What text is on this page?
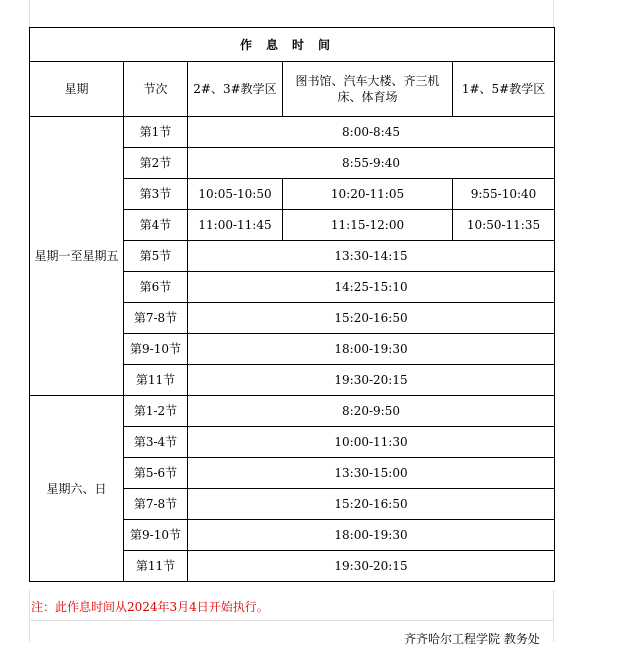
作息时间				
星期	节次	2#、3#教学区	图书馆、汽车大楼、齐三机床、体育场	1#、5#教学区
星期一至星期五	第1节	8:00-8:45		
	第2节	8:55-9:40		
	第3节	10:05-10:50	10:20-11:05	9:55-10:40
	第4节	11:00-11:45	11:15-12:00	10:50-11:35
	第5节	13:30-14:15		
	第6节	14:25-15:10		
	第7-8节	15:20-16:50		
	第9-10节	18:00-19:30		
	第11节	19:30-20:15		
星期六、日	第1-2节	8:20-9:50		
	第3-4节	10:00-11:30		
	第5-6节	13:30-15:00		
	第7-8节	15:20-16:50		
	第9-10节	18:00-19:30		
	第11节	19:30-20:15		
注：此作息时间从2024年3月4日开始执行。
齐齐哈尔工程学院 教务处
